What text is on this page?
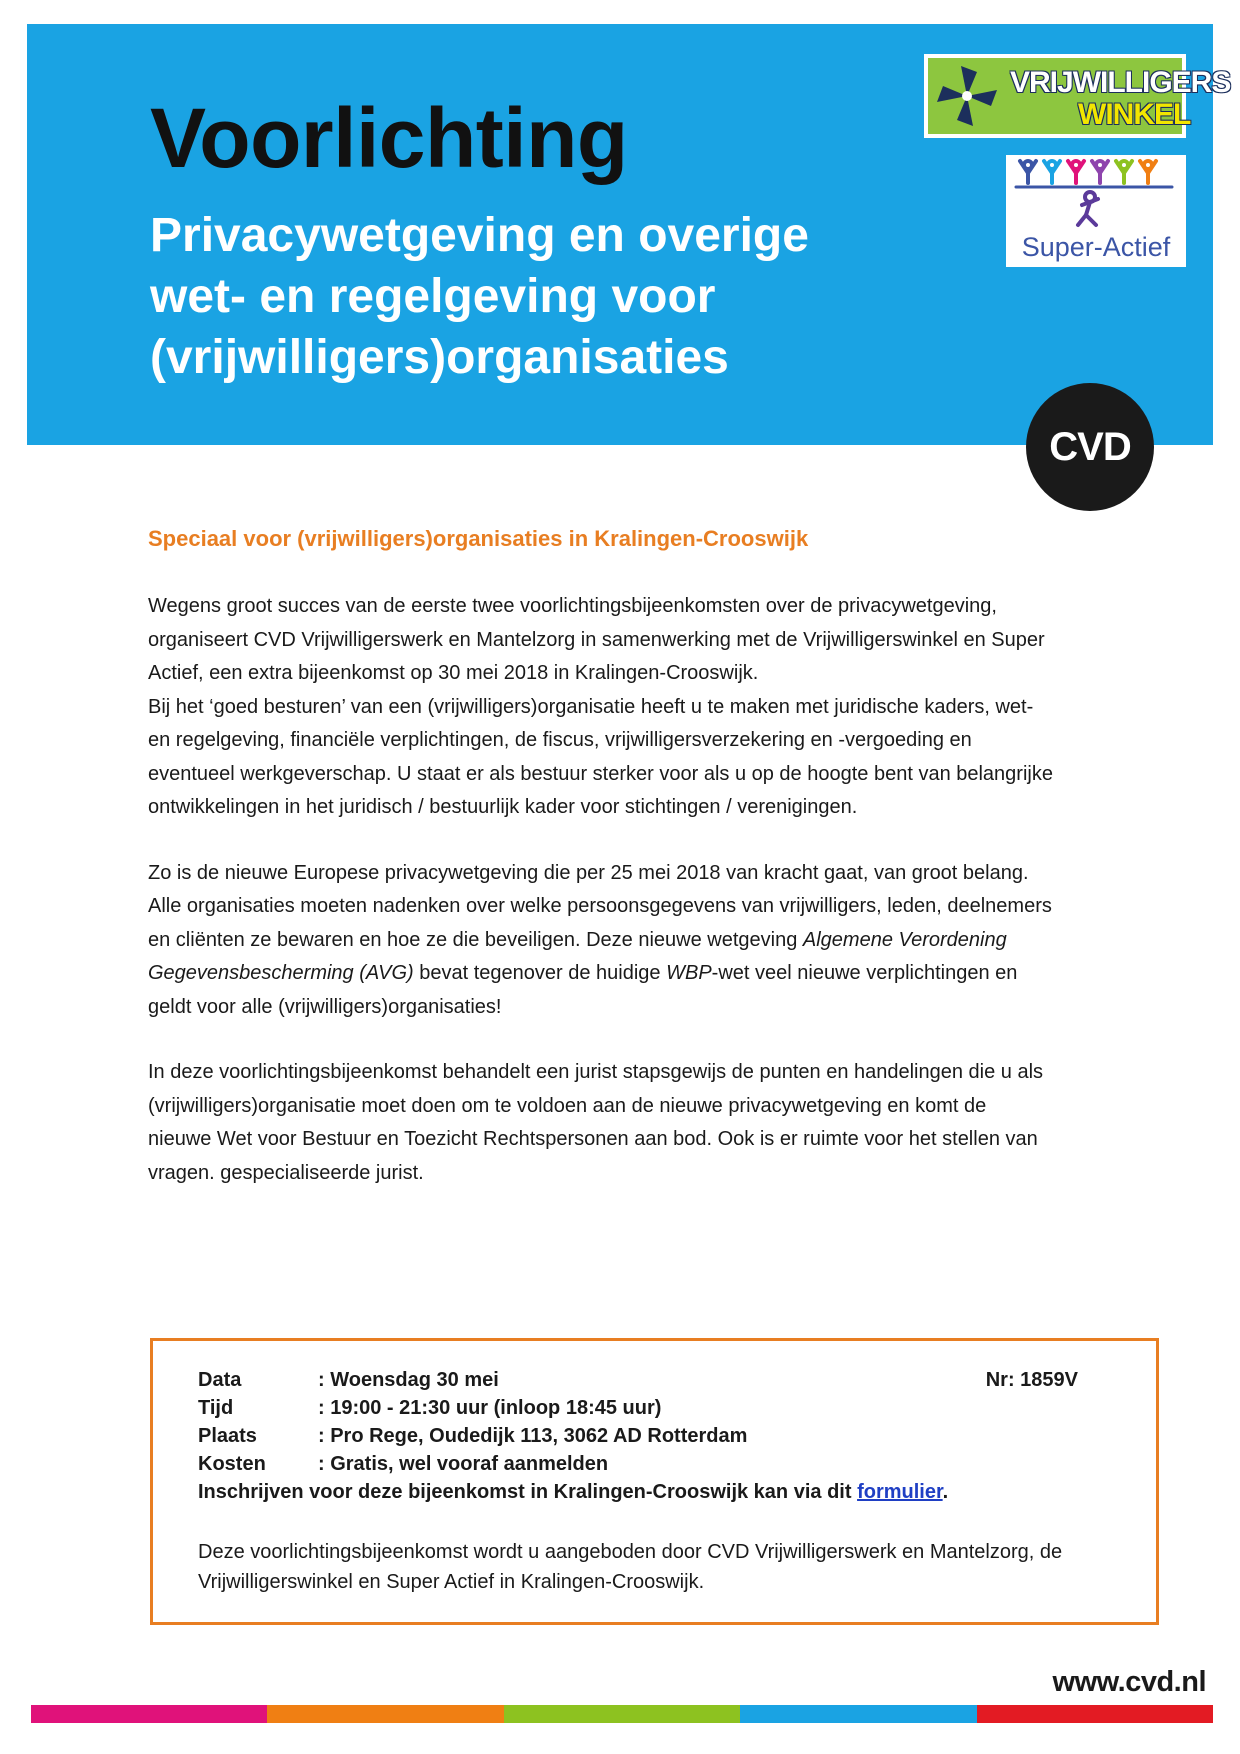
Voorlichting
Privacywetgeving en overige
wet- en regelgeving voor
(vrijwilligers)organisaties
VRIJWILLIGERS
WINKEL
Super-Actief
CVD
Speciaal voor (vrijwilligers)organisaties in Kralingen-Crooswijk

Wegens groot succes van de eerste twee voorlichtingsbijeenkomsten over de privacywetgeving,
organiseert CVD Vrijwilligerswerk en Mantelzorg in samenwerking met de Vrijwilligerswinkel en Super
Actief, een extra bijeenkomst op 30 mei 2018 in Kralingen-Crooswijk.
Bij het ‘goed besturen’ van een (vrijwilligers)organisatie heeft u te maken met juridische kaders, wet-
en regelgeving, financiële verplichtingen, de fiscus, vrijwilligersverzekering en -vergoeding en
eventueel werkgeverschap. U staat er als bestuur sterker voor als u op de hoogte bent van belangrijke
ontwikkelingen in het juridisch / bestuurlijk kader voor stichtingen / verenigingen.

Zo is de nieuwe Europese privacywetgeving die per 25 mei 2018 van kracht gaat, van groot belang.
Alle organisaties moeten nadenken over welke persoonsgegevens van vrijwilligers, leden, deelnemers
en cliënten ze bewaren en hoe ze die beveiligen. Deze nieuwe wetgeving Algemene Verordening
Gegevensbescherming (AVG) bevat tegenover de huidige WBP-wet veel nieuwe verplichtingen en
geldt voor alle (vrijwilligers)organisaties!

In deze voorlichtingsbijeenkomst behandelt een jurist stapsgewijs de punten en handelingen die u als
(vrijwilligers)organisatie moet doen om te voldoen aan de nieuwe privacywetgeving en komt de
nieuwe Wet voor Bestuur en Toezicht Rechtspersonen aan bod. Ook is er ruimte voor het stellen van
vragen. gespecialiseerde jurist.

Data	: Woensdag 30 mei	Nr: 1859V
Tijd	: 19:00 - 21:30 uur (inloop 18:45 uur)
Plaats	: Pro Rege, Oudedijk 113, 3062 AD Rotterdam
Kosten	: Gratis, wel vooraf aanmelden
Inschrijven voor deze bijeenkomst in Kralingen-Crooswijk kan via dit formulier.
Deze voorlichtingsbijeenkomst wordt u aangeboden door CVD Vrijwilligerswerk en Mantelzorg, de
Vrijwilligerswinkel en Super Actief in Kralingen-Crooswijk.
www.cvd.nl
